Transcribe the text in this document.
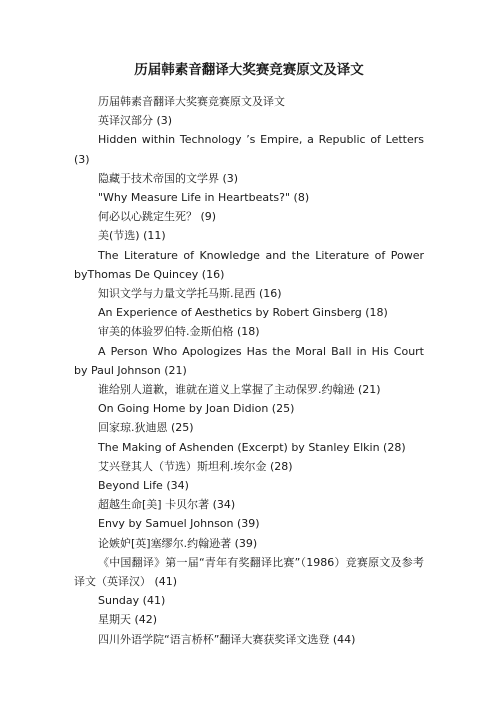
历届韩素音翻译大奖赛竞赛原文及译文
历届韩素音翻译大奖赛竞赛原文及译文
英译汉部分 (3)
Hidden within Technology ’s Empire, a Republic of Letters (3)
隐藏于技术帝国的文学界 (3)
"Why Measure Life in Heartbeats?" (8)
何必以心跳定生死？ (9)
美(节选) (11)
The Literature of Knowledge and the Literature of Power byThomas De Quincey (16)
知识文学与力量文学托马斯.昆西 (16)
An Experience of Aesthetics by Robert Ginsberg (18)
审美的体验罗伯特.金斯伯格 (18)
A Person Who Apologizes Has the Moral Ball in His Court by Paul Johnson (21)
谁给别人道歉，谁就在道义上掌握了主动保罗.约翰逊 (21)
On Going Home by Joan Didion (25)
回家琼.狄迪恩 (25)
The Making of Ashenden (Excerpt) by Stanley Elkin (28)
艾兴登其人（节选）斯坦利.埃尔金 (28)
Beyond Life (34)
超越生命[美] 卡贝尔著 (34)
Envy by Samuel Johnson (39)
论嫉妒[英]塞缪尔.约翰逊著 (39)
《中国翻译》第一届“青年有奖翻译比赛”（1986）竞赛原文及参考译文（英译汉） (41)
Sunday (41)
星期天 (42)
四川外语学院“语言桥杯”翻译大赛获奖译文选登 (44)
